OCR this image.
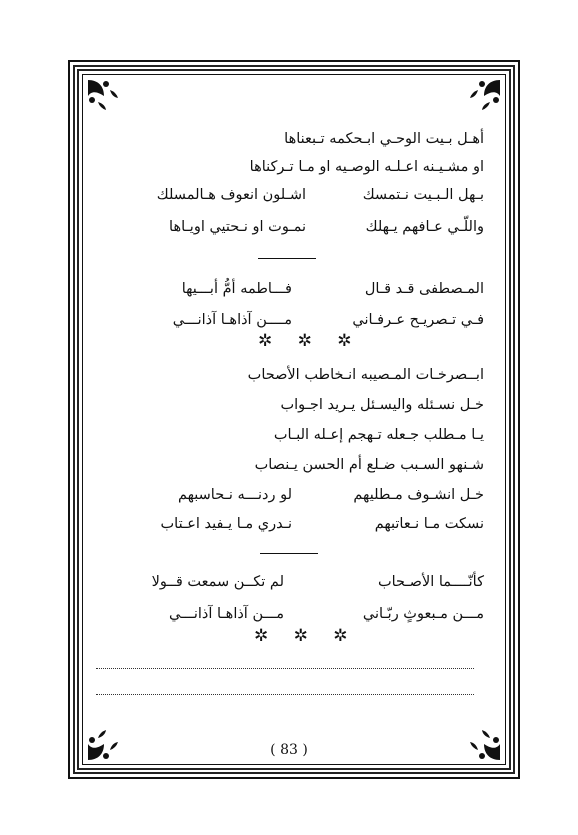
أهـل بـيت الوحـي ابـحكمه تـبعناها
او مشـيـنه اعـلـه الوصـيه او مـا تـركناها
بـهل الـبـيت نـتمسك
اشـلون انعوف هـالمسلك
واللّـي عـافهم يـهلك
نمـوت او نـحتيي اويـاها
المـصطفى قـد قـال
فـــاطمه أمُّ أبـــيها
فـي تـصريـح عـرفـاني
مــــن آذاهـا آذانـــي
✲ ✲ ✲
ابــصرخـات المـصيبه انـخاطب الأصحاب
خـل نسـئله واليسـئل يـريد اجـواب
يـا مـطلب جـعله تـهجم إعـله البـاب
شـنهو السـبب ضـلع أم الحسن يـنصاب
خـل انشـوف مـطليهم
لو ردنـــه نـحاسبهم
نسكت مـا نـعاتبهم
نـدري مـا يـفيد اعـتاب
كأنّــــما الأصـحاب
لم تكــن سمعت قــولا
مـــن مـبعوثٍ ربّـاني
مـــن آذاهـا آذانـــي
✲ ✲ ✲
( 83 )
